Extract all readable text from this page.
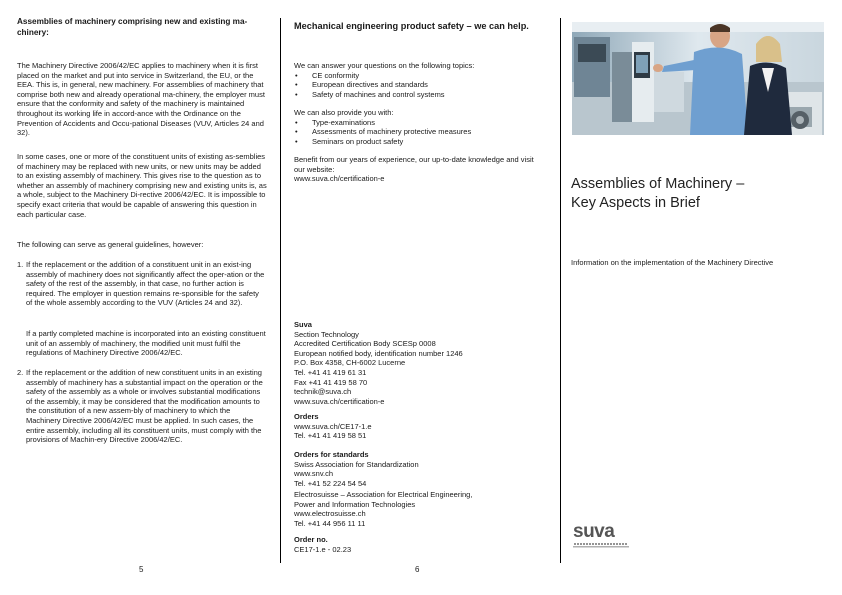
Assemblies of machinery comprising new and existing ma-chinery:

The Machinery Directive 2006/42/EC applies to machinery when it is first placed on the market and put into service in Switzerland, the EU, or the EEA. This is, in general, new machinery. For assemblies of machinery that comprise both new and already operational ma-chinery, the employer must ensure that the conformity and safety of the machinery is maintained throughout its working life in accord-ance with the Ordinance on the Prevention of Accidents and Occu-pational Diseases (VUV, Articles 24 and 32).

In some cases, one or more of the constituent units of existing as-semblies of machinery may be replaced with new units, or new units may be added to an existing assembly of machinery. This gives rise to the question as to whether an assembly of machinery comprising new and existing units is, as a whole, subject to the Machinery Di-rective 2006/42/EC. It is impossible to specify exact criteria that would be capable of answering this question in each particular case.

The following can serve as general guidelines, however:

1. If the replacement or the addition of a constituent unit in an exist-ing assembly of machinery does not significantly affect the oper-ation or the safety of the rest of the assembly, in that case, no further action is required. The employer in question remains re-sponsible for the safety of the whole assembly according to the VUV (Articles 24 and 32).

If a partly completed machine is incorporated into an existing constituent unit of an assembly of machinery, the modified unit must fulfil the regulations of Machinery Directive 2006/42/EC.

2. If the replacement or the addition of new constituent units in an existing assembly of machinery has a substantial impact on the operation or the safety of the assembly as a whole or involves substantial modifications of the assembly, it may be considered that the modification amounts to the constitution of a new assem-bly of machinery to which the Machinery Directive 2006/42/EC must be applied. In such cases, the entire assembly, including all its constituent units, must comply with the provisions of Machin-ery Directive 2006/42/EC.
5

Mechanical engineering product safety – we can help.

We can answer your questions on the following topics:

• CE conformity
• European directives and standards
• Safety of machines and control systems

We can also provide you with:

• Type-examinations
• Assessments of machinery protective measures
• Seminars on product safety

Benefit from our years of experience, our up-to-date knowledge and visit our website:

www.suva.ch/certification-e

Suva

Section Technology

Accredited Certification Body SCESp 0008

European notified body, identification number 1246

P.O. Box 4358, CH-6002 Lucerne

Tel. +41 41 419 61 31

Fax +41 41 419 58 70

technik@suva.ch

www.suva.ch/certification-e

Orders

www.suva.ch/CE17-1.e

Tel. +41 41 419 58 51

Orders for standards

Swiss Association for Standardization

www.snv.ch

Tel. +41 52 224 54 54

Electrosuisse – Association for Electrical Engineering,

Power and Information Technologies

www.electrosuisse.ch

Tel. +41 44 956 11 11

Order no.

CE17-1.e - 02.23

6
Assemblies of Machinery –
Key Aspects in Brief

Information on the implementation of the Machinery Directive

suva
